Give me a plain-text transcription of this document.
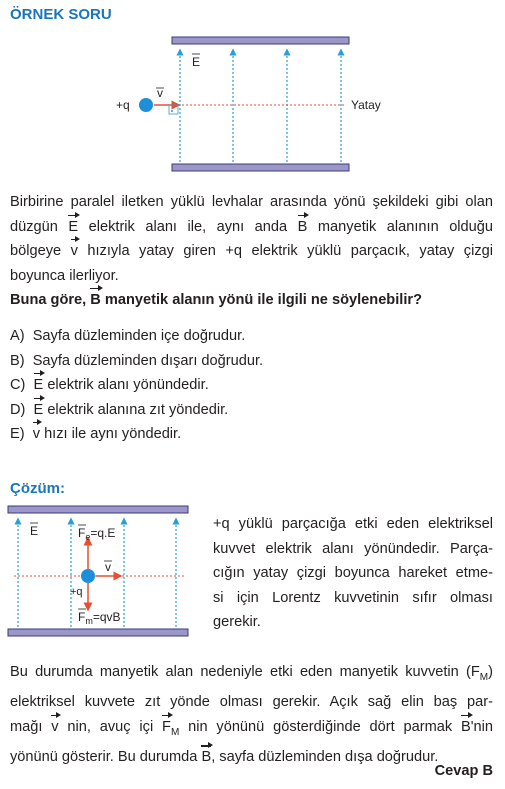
ÖRNEK SORU
E
v
+q	Yatay
Birbirine paralel iletken yüklü levhalar arasında yönü şekildeki gibi olan
düzgün E elektrik alanı ile, aynı anda B manyetik alanının olduğu
bölgeye v hızıyla yatay giren +q elektrik yüklü parçacık, yatay çizgi
boyunca ilerliyor.
Buna göre, B manyetik alanın yönü ile ilgili ne söylenebilir?
A) Sayfa düzleminden içe doğrudur.
B) Sayfa düzleminden dışarı doğrudur.
C) E elektrik alanı yönündedir.
D) E elektrik alanına zıt yöndedir.
E) v hızı ile aynı yöndedir.
Çözüm:
E	$F_e=q.E$
v
+q
$F_m=qvB$
+q yüklü parçacığa etki eden elektriksel
kuvvet elektrik alanı yönündedir. Parça-
cığın yatay çizgi boyunca hareket etme-
si için Lorentz kuvvetinin sıfır olması
gerekir.
Bu durumda manyetik alan nedeniyle etki eden manyetik kuvvetin $(F_M)$
elektriksel kuvvete zıt yönde olması gerekir. Açık sağ elin baş par-
mağı v nin, avuç içi $F_M$ nin yönünü gösterdiğinde dört parmak B'nin
yönünü gösterir. Bu durumda B, sayfa düzleminden dışa doğrudur.
Cevap B
